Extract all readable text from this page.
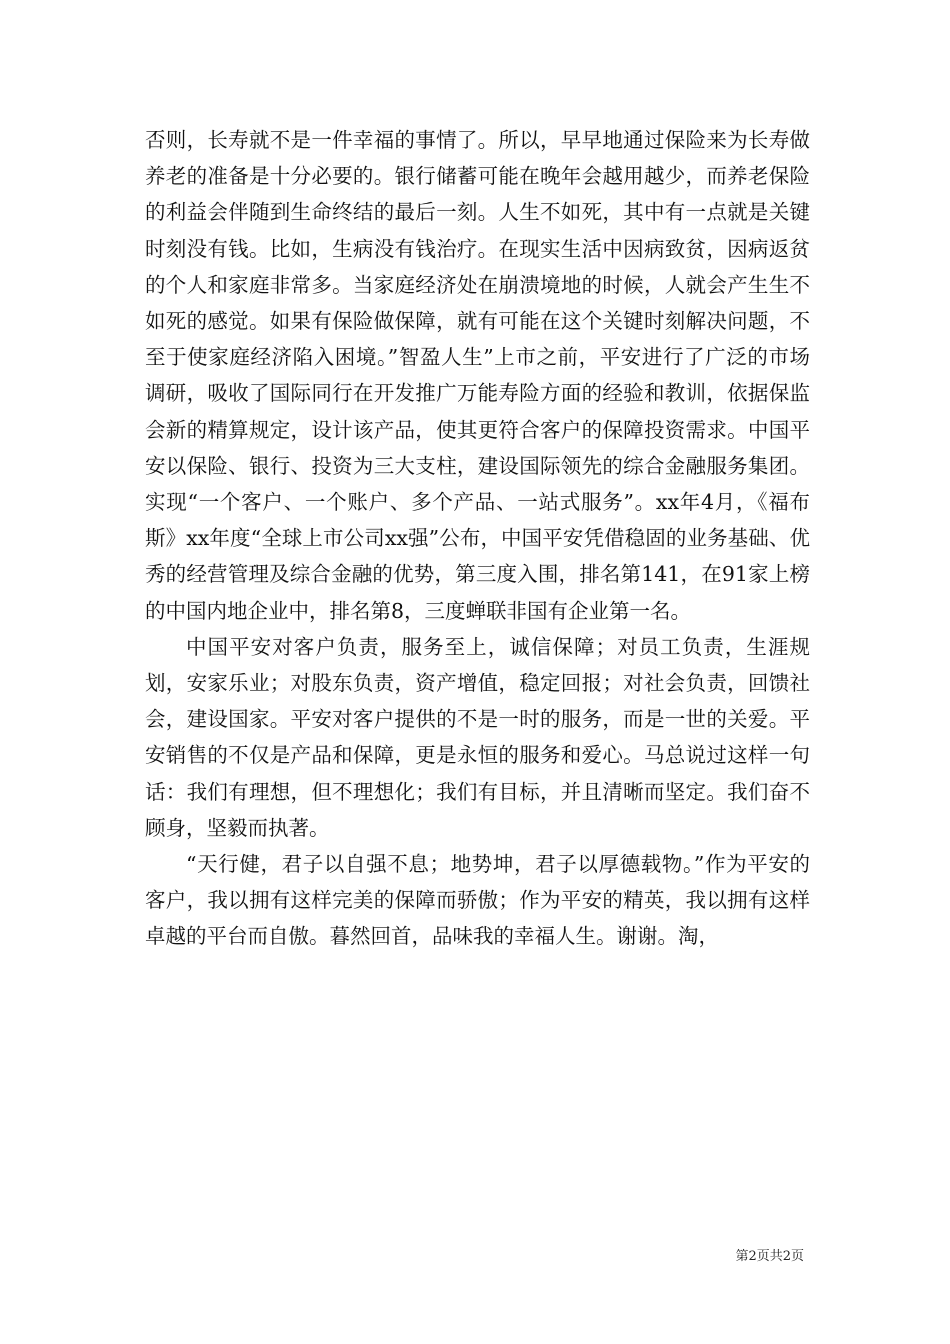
否则，长寿就不是一件幸福的事情了。所以，早早地通过保险来为长寿做养老的准备是十分必要的。银行储蓄可能在晚年会越用越少，而养老保险的利益会伴随到生命终结的最后一刻。人生不如死，其中有一点就是关键时刻没有钱。比如，生病没有钱治疗。在现实生活中因病致贫，因病返贫的个人和家庭非常多。当家庭经济处在崩溃境地的时候，人就会产生生不如死的感觉。如果有保险做保障，就有可能在这个关键时刻解决问题，不至于使家庭经济陷入困境。”智盈人生”上市之前，平安进行了广泛的市场调研，吸收了国际同行在开发推广万能寿险方面的经验和教训，依据保监会新的精算规定，设计该产品，使其更符合客户的保障投资需求。中国平安以保险、银行、投资为三大支柱，建设国际领先的综合金融服务集团。实现“一个客户、一个账户、多个产品、一站式服务”。xx年4月，《福布斯》xx年度“全球上市公司xx强”公布，中国平安凭借稳固的业务基础、优秀的经营管理及综合金融的优势，第三度入围，排名第141，在91家上榜的中国内地企业中，排名第8，三度蝉联非国有企业第一名。

中国平安对客户负责，服务至上，诚信保障；对员工负责，生涯规划，安家乐业；对股东负责，资产增值，稳定回报；对社会负责，回馈社会，建设国家。平安对客户提供的不是一时的服务，而是一世的关爱。平安销售的不仅是产品和保障，更是永恒的服务和爱心。马总说过这样一句话：我们有理想，但不理想化；我们有目标，并且清晰而坚定。我们奋不顾身，坚毅而执著。

“天行健，君子以自强不息；地势坤，君子以厚德载物。”作为平安的客户，我以拥有这样完美的保障而骄傲；作为平安的精英，我以拥有这样卓越的平台而自傲。暮然回首，品味我的幸福人生。谢谢。淘，

第2页共2页
